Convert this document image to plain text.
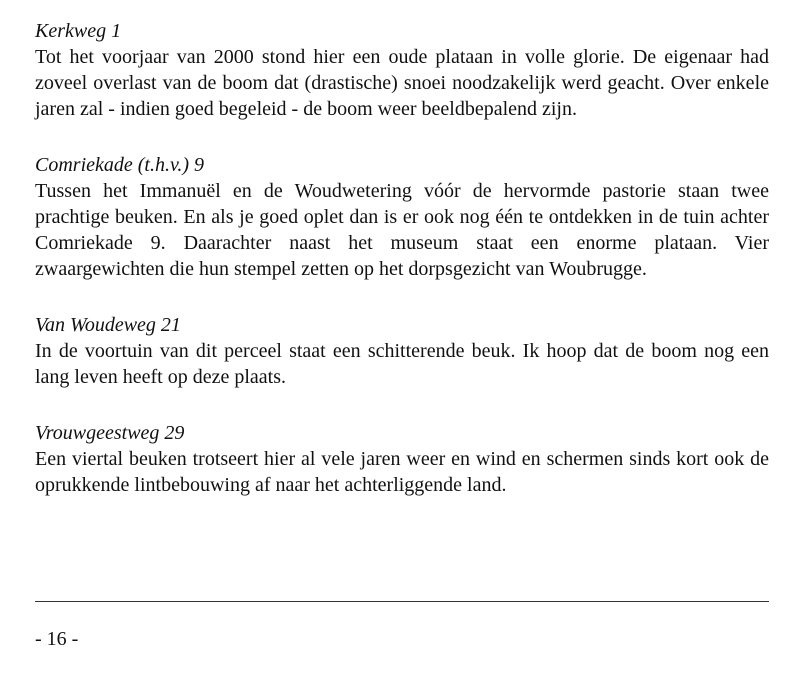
Kerkweg 1

Tot het voorjaar van 2000 stond hier een oude plataan in volle glorie. De eigenaar had zoveel overlast van de boom dat (drastische) snoei noodzakelijk werd geacht. Over enkele jaren zal - indien goed begeleid - de boom weer beeldbepalend zijn.

Comriekade (t.h.v.) 9

Tussen het Immanuël en de Woudwetering vóór de hervormde pastorie staan twee prachtige beuken. En als je goed oplet dan is er ook nog één te ontdekken in de tuin achter Comriekade 9. Daarachter naast het museum staat een enorme plataan. Vier zwaargewichten die hun stempel zetten op het dorpsgezicht van Woubrugge.

Van Woudeweg 21

In de voortuin van dit perceel staat een schitterende beuk. Ik hoop dat de boom nog een lang leven heeft op deze plaats.

Vrouwgeestweg 29

Een viertal beuken trotseert hier al vele jaren weer en wind en schermen sinds kort ook de oprukkende lintbebouwing af naar het achterliggende land.

- 16 -
